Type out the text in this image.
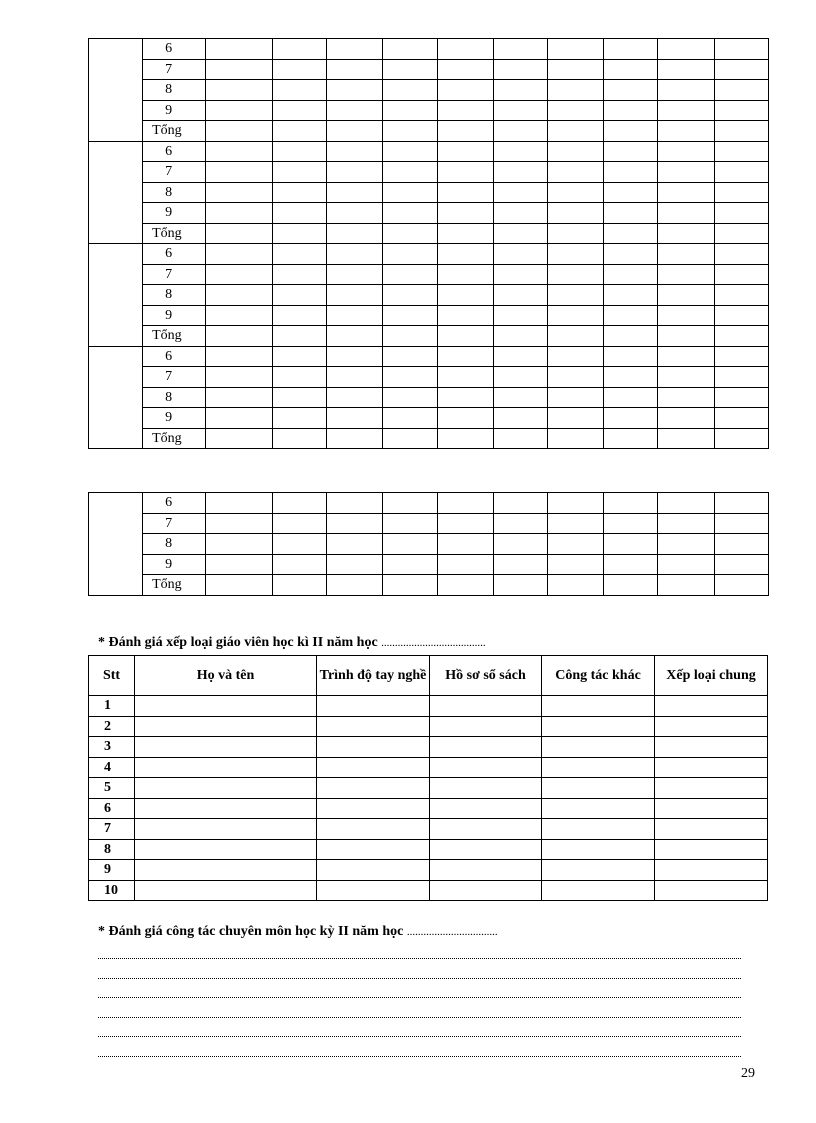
	6										
	7										
	8										
	9										
	Tổng										
	6										
	7										
	8										
	9										
	Tổng										
	6										
	7										
	8										
	9										
	Tổng										
	6										
	7										
	8										
	9										
	Tổng										
	6										
	7										
	8										
	9										
	Tổng										
* Đánh giá xếp loại giáo viên học kì II năm học ......................................
Stt	Họ và tên	Trình độ tay nghề	Hồ sơ sổ sách	Công tác khác	Xếp loại chung
1					
2					
3					
4					
5					
6					
7					
8					
9					
10					
* Đánh giá công tác chuyên môn học kỳ II năm học .................................
29
